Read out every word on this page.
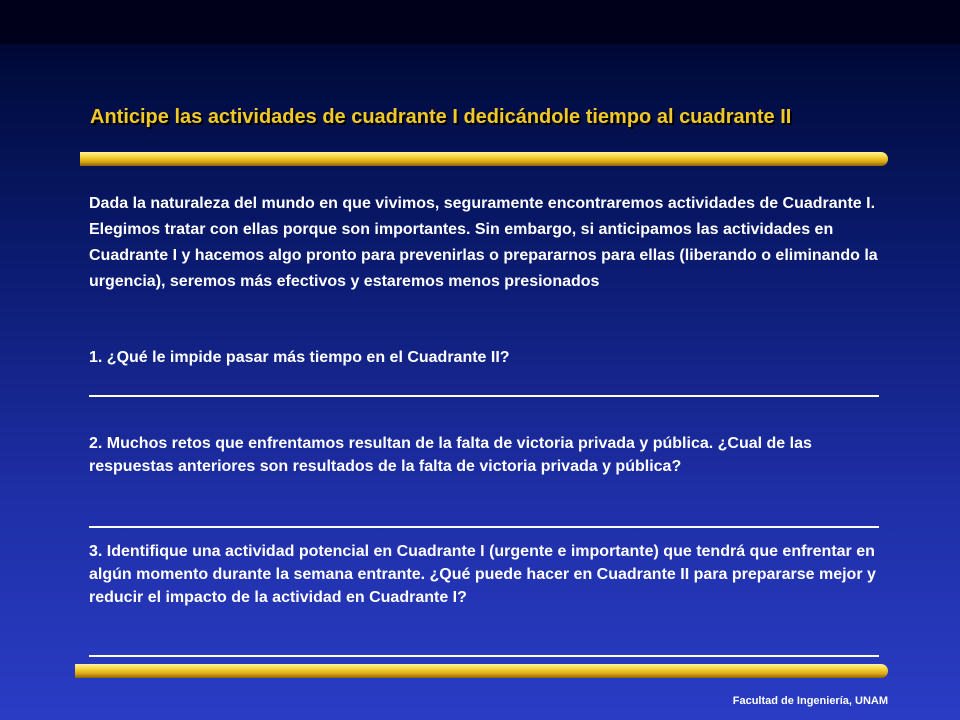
Anticipe las actividades de cuadrante I dedicándole tiempo al cuadrante II
Dada la naturaleza del mundo en que vivimos, seguramente encontraremos actividades de Cuadrante I. Elegimos tratar con ellas porque son importantes. Sin embargo, si anticipamos las actividades en Cuadrante I y hacemos algo pronto para prevenirlas o prepararnos para ellas (liberando o eliminando la urgencia), seremos más efectivos y estaremos menos presionados
1. ¿Qué le impide pasar más tiempo en el Cuadrante II?
2. Muchos retos que enfrentamos resultan de la falta de victoria privada y pública. ¿Cual de las respuestas anteriores son resultados de la falta de victoria privada y pública?
3. Identifique una actividad potencial en Cuadrante I (urgente e importante) que tendrá que enfrentar en algún momento durante la semana entrante. ¿Qué puede hacer en Cuadrante II para prepararse mejor y reducir el impacto de la actividad en Cuadrante I?
Facultad de Ingeniería, UNAM
